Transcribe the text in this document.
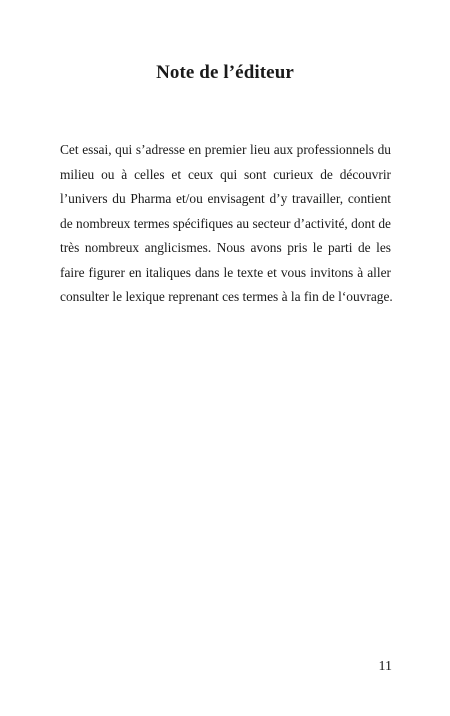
Note de l’éditeur

Cet essai, qui s’adresse en premier lieu aux professionnels du
milieu ou à celles et ceux qui sont curieux de découvrir
l’univers du Pharma et/ou envisagent d’y travailler, contient
de nombreux termes spécifiques au secteur d’activité, dont de
très nombreux anglicismes. Nous avons pris le parti de les
faire figurer en italiques dans le texte et vous invitons à aller
consulter le lexique reprenant ces termes à la fin de l‘ouvrage.

11
